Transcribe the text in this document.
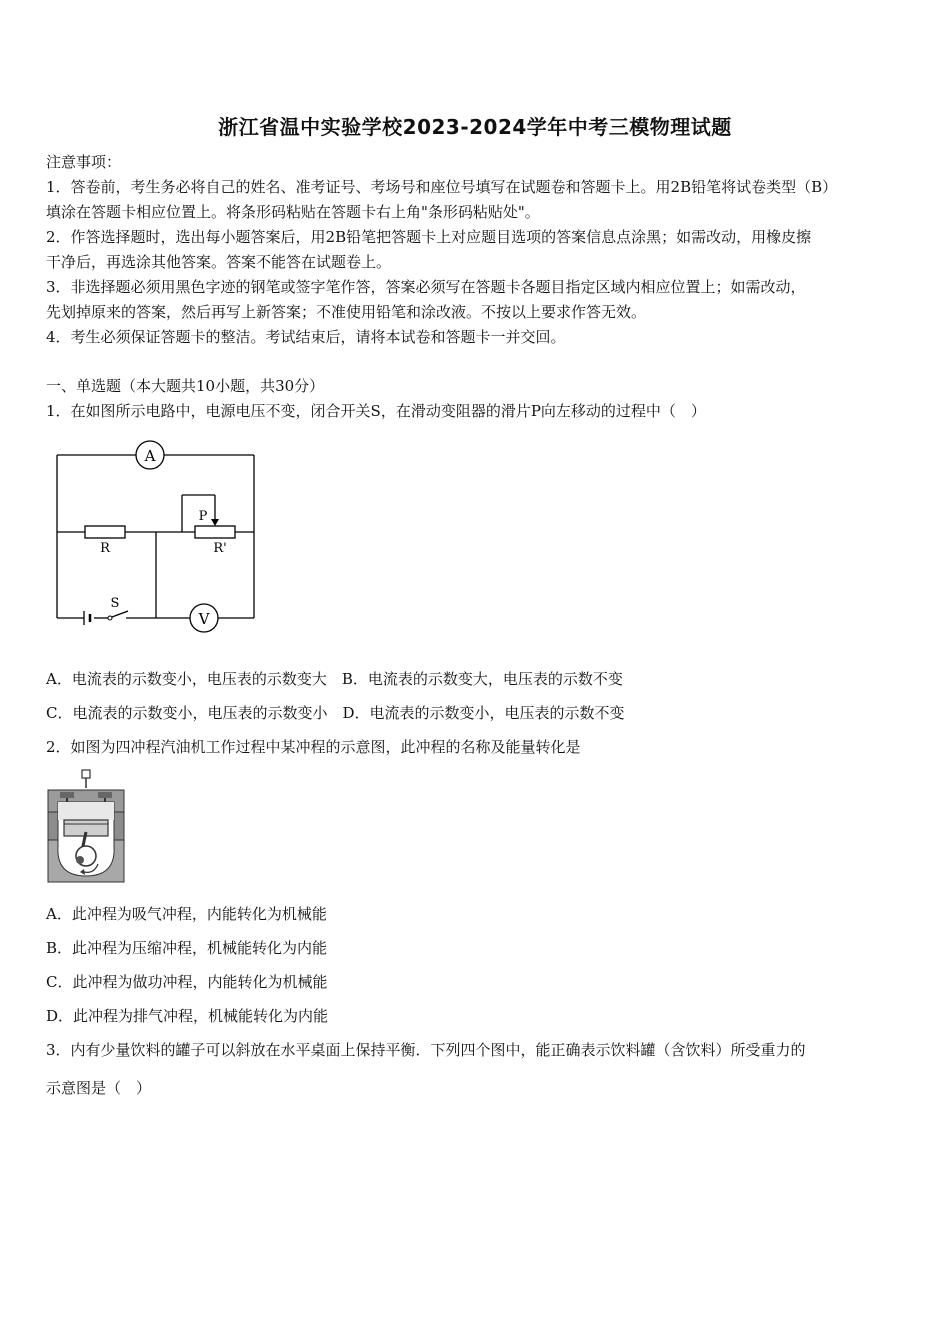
浙江省温中实验学校2023-2024学年中考三模物理试题
注意事项：
1．答卷前，考生务必将自己的姓名、准考证号、考场号和座位号填写在试题卷和答题卡上。用2B铅笔将试卷类型（B）
填涂在答题卡相应位置上。将条形码粘贴在答题卡右上角"条形码粘贴处"。
2．作答选择题时，选出每小题答案后，用2B铅笔把答题卡上对应题目选项的答案信息点涂黑；如需改动，用橡皮擦
干净后，再选涂其他答案。答案不能答在试题卷上。
3．非选择题必须用黑色字迹的钢笔或签字笔作答，答案必须写在答题卡各题目指定区域内相应位置上；如需改动，
先划掉原来的答案，然后再写上新答案；不准使用铅笔和涂改液。不按以上要求作答无效。
4．考生必须保证答题卡的整洁。考试结束后，请将本试卷和答题卡一并交回。
一、单选题（本大题共10小题，共30分）
1．在如图所示电路中，电源电压不变，闭合开关S，在滑动变阻器的滑片P向左移动的过程中（　）
A
R
P
R'
S
V
A．电流表的示数变小，电压表的示数变大　B．电流表的示数变大，电压表的示数不变
C．电流表的示数变小，电压表的示数变小　D．电流表的示数变小，电压表的示数不变
2．如图为四冲程汽油机工作过程中某冲程的示意图，此冲程的名称及能量转化是
A．此冲程为吸气冲程，内能转化为机械能
B．此冲程为压缩冲程，机械能转化为内能
C．此冲程为做功冲程，内能转化为机械能
D．此冲程为排气冲程，机械能转化为内能
3．内有少量饮料的罐子可以斜放在水平桌面上保持平衡．下列四个图中，能正确表示饮料罐（含饮料）所受重力的
示意图是（　）
